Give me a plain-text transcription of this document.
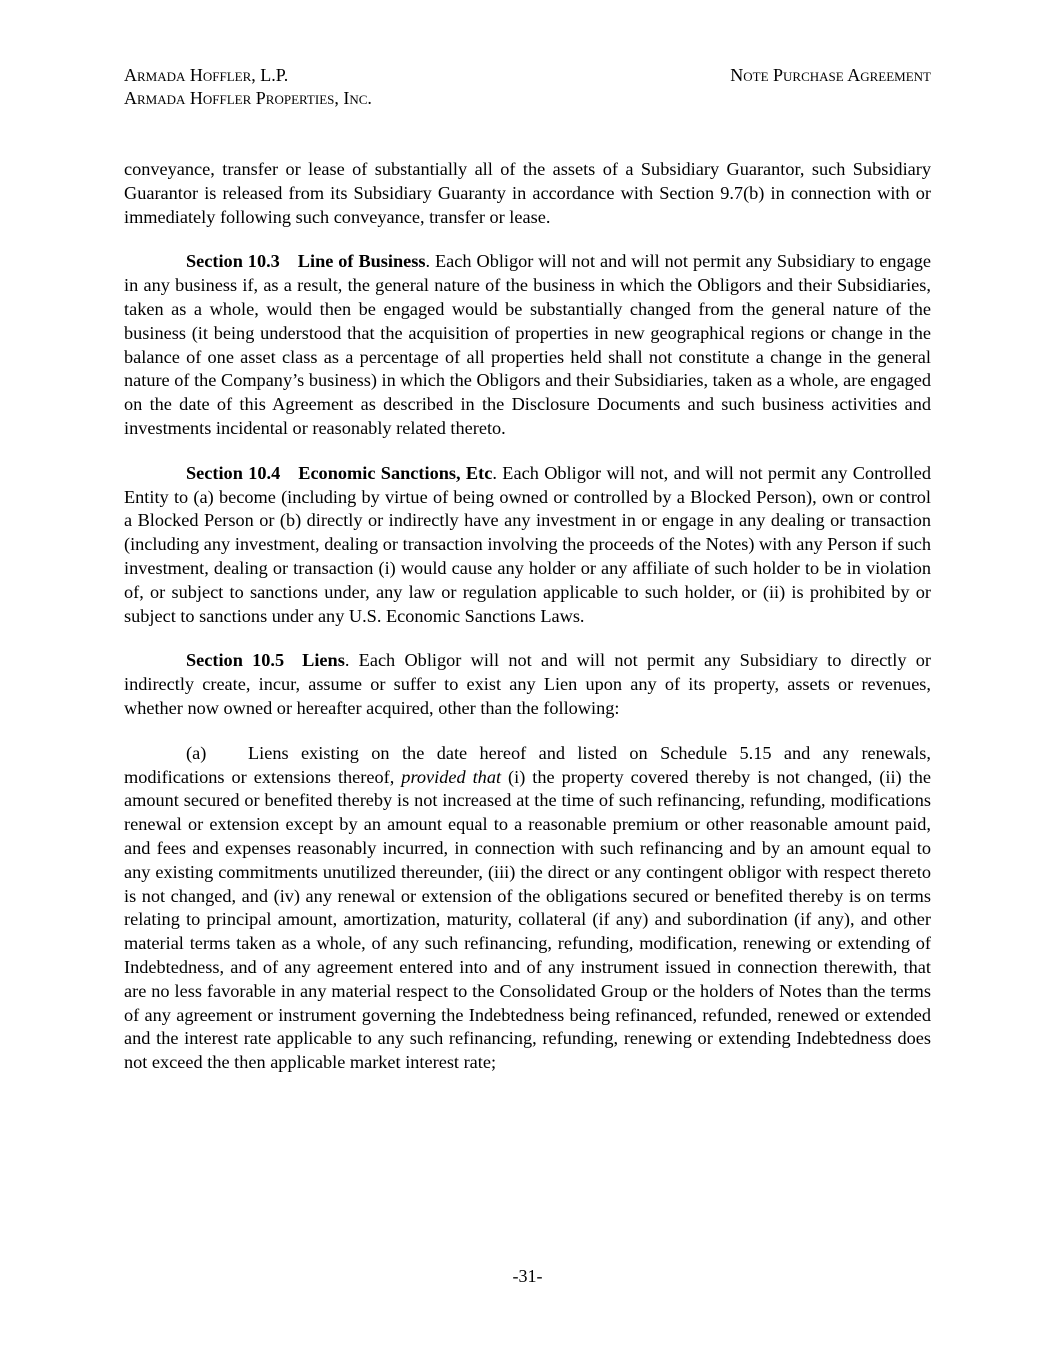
Armada Hoffler, L.P.
Armada Hoffler Properties, Inc.
Note Purchase Agreement

conveyance, transfer or lease of substantially all of the assets of a Subsidiary Guarantor, such Subsidiary Guarantor is released from its Subsidiary Guaranty in accordance with Section 9.7(b) in connection with or immediately following such conveyance, transfer or lease.

Section 10.3 Line of Business. Each Obligor will not and will not permit any Subsidiary to engage in any business if, as a result, the general nature of the business in which the Obligors and their Subsidiaries, taken as a whole, would then be engaged would be substantially changed from the general nature of the business (it being understood that the acquisition of properties in new geographical regions or change in the balance of one asset class as a percentage of all properties held shall not constitute a change in the general nature of the Company’s business) in which the Obligors and their Subsidiaries, taken as a whole, are engaged on the date of this Agreement as described in the Disclosure Documents and such business activities and investments incidental or reasonably related thereto.

Section 10.4 Economic Sanctions, Etc. Each Obligor will not, and will not permit any Controlled Entity to (a) become (including by virtue of being owned or controlled by a Blocked Person), own or control a Blocked Person or (b) directly or indirectly have any investment in or engage in any dealing or transaction (including any investment, dealing or transaction involving the proceeds of the Notes) with any Person if such investment, dealing or transaction (i) would cause any holder or any affiliate of such holder to be in violation of, or subject to sanctions under, any law or regulation applicable to such holder, or (ii) is prohibited by or subject to sanctions under any U.S. Economic Sanctions Laws.

Section 10.5 Liens. Each Obligor will not and will not permit any Subsidiary to directly or indirectly create, incur, assume or suffer to exist any Lien upon any of its property, assets or revenues, whether now owned or hereafter acquired, other than the following:

(a) Liens existing on the date hereof and listed on Schedule 5.15 and any renewals, modifications or extensions thereof, provided that (i) the property covered thereby is not changed, (ii) the amount secured or benefited thereby is not increased at the time of such refinancing, refunding, modifications renewal or extension except by an amount equal to a reasonable premium or other reasonable amount paid, and fees and expenses reasonably incurred, in connection with such refinancing and by an amount equal to any existing commitments unutilized thereunder, (iii) the direct or any contingent obligor with respect thereto is not changed, and (iv) any renewal or extension of the obligations secured or benefited thereby is on terms relating to principal amount, amortization, maturity, collateral (if any) and subordination (if any), and other material terms taken as a whole, of any such refinancing, refunding, modification, renewing or extending of Indebtedness, and of any agreement entered into and of any instrument issued in connection therewith, that are no less favorable in any material respect to the Consolidated Group or the holders of Notes than the terms of any agreement or instrument governing the Indebtedness being refinanced, refunded, renewed or extended and the interest rate applicable to any such refinancing, refunding, renewing or extending Indebtedness does not exceed the then applicable market interest rate;

-31-
